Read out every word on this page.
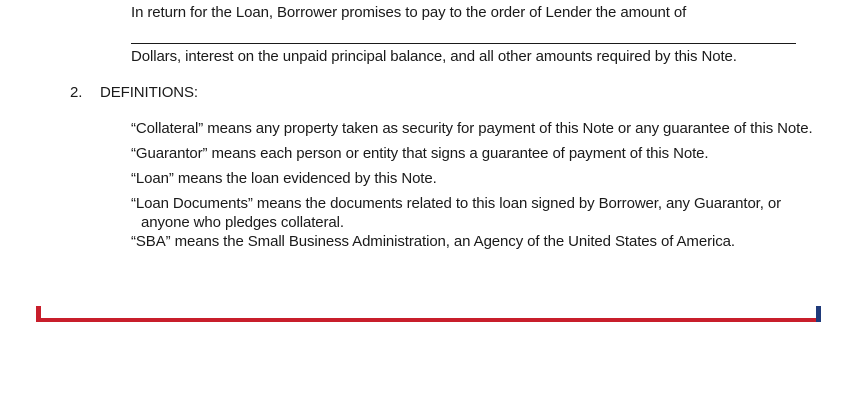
In return for the Loan, Borrower promises to pay to the order of Lender the amount of
Dollars, interest on the unpaid principal balance, and all other amounts required by this Note.
2. DEFINITIONS:
“Collateral” means any property taken as security for payment of this Note or any guarantee of this Note.
“Guarantor” means each person or entity that signs a guarantee of payment of this Note.
“Loan” means the loan evidenced by this Note.
“Loan Documents” means the documents related to this loan signed by Borrower, any Guarantor, or
anyone who pledges collateral.
“SBA” means the Small Business Administration, an Agency of the United States of America.
